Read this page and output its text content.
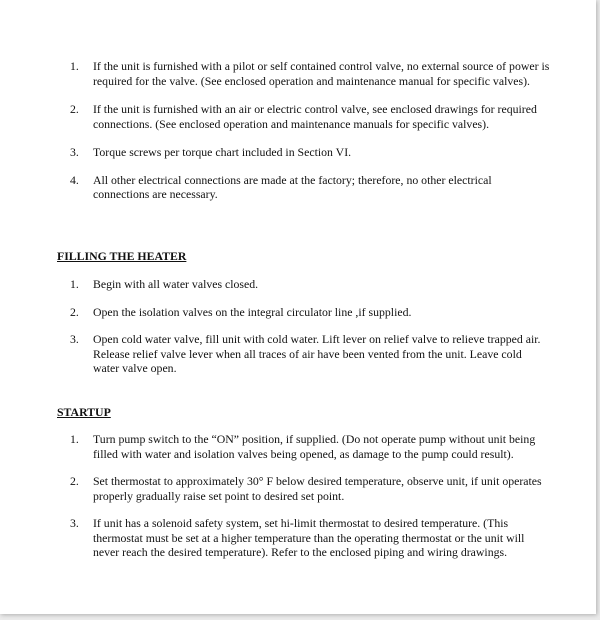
1. If the unit is furnished with a pilot or self contained control valve, no external source of power is required for the valve. (See enclosed operation and maintenance manual for specific valves).
2. If the unit is furnished with an air or electric control valve, see enclosed drawings for required connections. (See enclosed operation and maintenance manuals for specific valves).
3. Torque screws per torque chart included in Section VI.
4. All other electrical connections are made at the factory; therefore, no other electrical connections are necessary.
FILLING THE HEATER
1. Begin with all water valves closed.
2. Open the isolation valves on the integral circulator line ,if supplied.
3. Open cold water valve, fill unit with cold water. Lift lever on relief valve to relieve trapped air. Release relief valve lever when all traces of air have been vented from the unit. Leave cold water valve open.
STARTUP
1. Turn pump switch to the “ON” position, if supplied. (Do not operate pump without unit being filled with water and isolation valves being opened, as damage to the pump could result).
2. Set thermostat to approximately 30° F below desired temperature, observe unit, if unit operates properly gradually raise set point to desired set point.
3. If unit has a solenoid safety system, set hi-limit thermostat to desired temperature. (This thermostat must be set at a higher temperature than the operating thermostat or the unit will never reach the desired temperature). Refer to the enclosed piping and wiring drawings.
